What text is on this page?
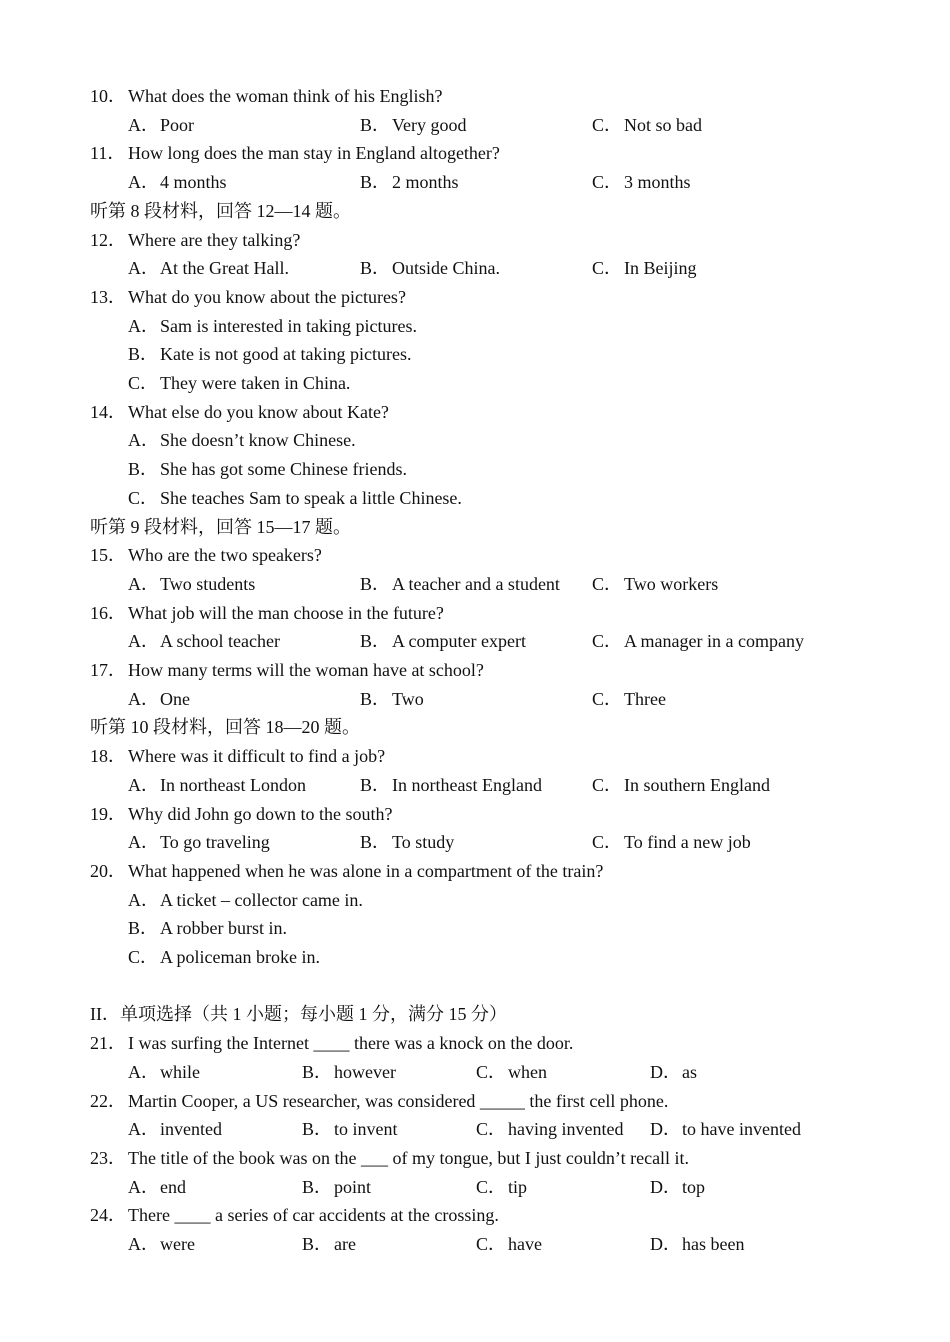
10． What does the woman think of his English?
A．Poor	B． Very good	C． Not so bad
11． How long does the man stay in England altogether?
A．4 months	B． 2 months	C． 3 months
听第 8 段材料，回答 12—14 题。
12． Where are they talking?
A．At the Great Hall.	B． Outside China.	C． In Beijing
13． What do you know about the pictures?
A．Sam is interested in taking pictures.
B． Kate is not good at taking pictures.
C． They were taken in China.
14． What else do you know about Kate?
A．She doesn’t know Chinese.
B． She has got some Chinese friends.
C． She teaches Sam to speak a little Chinese.
听第 9 段材料，回答 15—17 题。
15． Who are the two speakers?
A．Two students	B． A teacher and a student C． Two workers
16． What job will the man choose in the future?
A．A school teacher	B． A computer expert	C． A manager in a company
17． How many terms will the woman have at school?
A．One	B． Two	C． Three
听第 10 段材料，回答 18—20 题。
18． Where was it difficult to find a job?
A．In northeast London	B． In northeast England	C． In southern England
19． Why did John go down to the south?
A．To go traveling	B． To study	C． To find a new job
20． What happened when he was alone in a compartment of the train?
A．A ticket – collector came in.
B． A robber burst in.
C． A policeman broke in.
II．单项选择（共 1 小题；每小题 1 分，满分 15 分）
21． I was surfing the Internet ____ there was a knock on the door.
A．while	B． however	C． when	D．as
22． Martin Cooper, a US researcher, was considered _____ the first cell phone.
A．invented	B． to invent	C． having invented D．to have invented
23． The title of the book was on the ___ of my tongue, but I just couldn’t recall it.
A．end	B． point	C． tip	D．top
24． There ____ a series of car accidents at the crossing.
A．were	B． are	C． have	D．has been
